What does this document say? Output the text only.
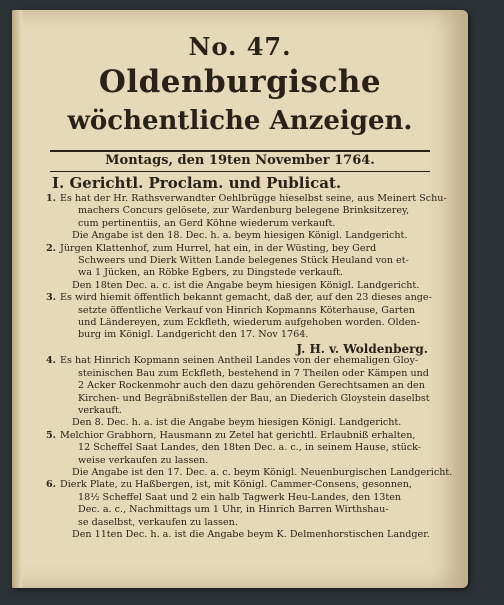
No. 47.
Oldenburgische
wöchentliche Anzeigen.
Montags, den 19ten November 1764.
I. Gerichtl. Proclam. und Publicat.
1. Es hat der Hr. Rathsverwandter Oehlbrügge hieselbst seine, aus Meinert Schu-
machers Concurs gelösete, zur Wardenburg belegene Brinksitzerey,
cum pertinentiis, an Gerd Köhne wiederum verkauft.
Die Angabe ist den 18. Dec. h. a. beym hiesigen Königl. Landgericht.
2. Jürgen Klattenhof, zum Hurrel, hat ein, in der Wüsting, bey Gerd
Schweers und Dierk Witten Lande belegenes Stück Heuland von et-
wa 1 Jücken, an Röbke Egbers, zu Dingstede verkauft.
Den 18ten Dec. a. c. ist die Angabe beym hiesigen Königl. Landgericht.
3. Es wird hiemit öffentlich bekannt gemacht, daß der, auf den 23 dieses ange-
setzte öffentliche Verkauf von Hinrich Kopmanns Köterhause, Garten
und Ländereyen, zum Eckfleth, wiederum aufgehoben worden. Olden-
burg im Königl. Landgericht den 17. Nov 1764.
J. H. v. Woldenberg.
4. Es hat Hinrich Kopmann seinen Antheil Landes von der ehemaligen Gloy-
steinischen Bau zum Eckfleth, bestehend in 7 Theilen oder Kämpen und
2 Acker Rockenmohr auch den dazu gehörenden Gerechtsamen an den
Kirchen- und Begräbnißstellen der Bau, an Diederich Gloystein daselbst
verkauft.
Den 8. Dec. h. a. ist die Angabe beym hiesigen Königl. Landgericht.
5. Melchior Grabhorn, Hausmann zu Zetel hat gerichtl. Erlaubniß erhalten,
12 Scheffel Saat Landes, den 18ten Dec. a. c., in seinem Hause, stück-
weise verkaufen zu lassen.
Die Angabe ist den 17. Dec. a. c. beym Königl. Neuenburgischen Landgericht.
6. Dierk Plate, zu Haßbergen, ist, mit Königl. Cammer-Consens, gesonnen,
18½ Scheffel Saat und 2 ein halb Tagwerk Heu-Landes, den 13ten
Dec. a. c., Nachmittags um 1 Uhr, in Hinrich Barren Wirthshau-
se daselbst, verkaufen zu lassen.
Den 11ten Dec. h. a. ist die Angabe beym K. Delmenhorstischen Landger.
